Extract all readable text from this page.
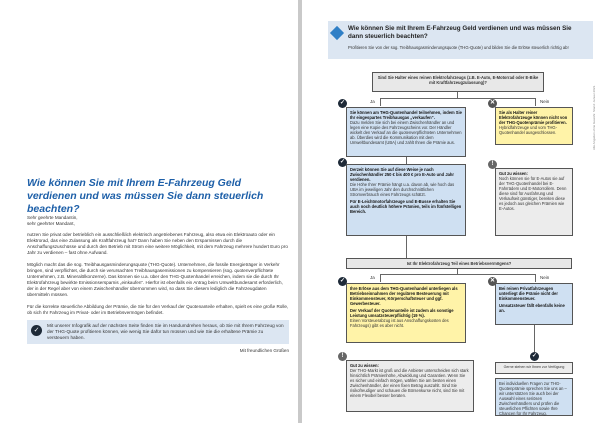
Wie können Sie mit Ihrem E-Fahrzeug Geld verdienen und was müssen Sie dann steuerlich beachten?

Sehr geehrte Mandantin,

sehr geehrter Mandant,

nutzen Sie privat oder betrieblich ein ausschließlich elektrisch angetriebenes Fahrzeug, also etwa ein Elektroauto oder ein Elektrorad, das eine Zulassung als Kraftfahrzeug hat? Dann haben Sie neben den Ersparnissen durch die Anschaffungszuschüsse und durch den Betrieb mit Strom eine weitere Möglichkeit, mit dem Fahrzeug mehrere hundert Euro pro Jahr zu verdienen – fast ohne Aufwand.

Möglich macht das die sog. Treibhausgasminderungsquote (THG-Quote). Unternehmen, die fossile Energieträger in Verkehr bringen, sind verpflichtet, die durch sie verursachten Treibhausgasemissionen zu kompensieren (sog. quotenverpflichtete Unternehmen, z.B. Mineralölkonzerne). Das können sie u.a. über den THG-Quotenhandel erreichen, indem sie die durch Ihr Elektrofahrzeug bewirkte Emissionsersparnis „einkaufen“. Hierfür ist ebenfalls ein Antrag beim Umweltbundesamt erforderlich, der in der Regel aber von einem Zwischenhändler übernommen wird, so dass Sie diesem lediglich die Fahrzeugdaten übermitteln müssen.

Für die korrekte steuerliche Abbildung der Prämie, die Sie für den Verkauf der Quotenanteile erhalten, spielt es eine große Rolle, ob sich Ihr Fahrzeug im Privat- oder im Betriebsvermögen befindet.

✓
Mit unserer Infografik auf der nächsten Seite finden Sie im Handumdrehen heraus, ob Sie mit Ihrem Fahrzeug von der THG-Quote profitieren können, wie wenig Sie dafür tun müssen und wie Sie die erhaltene Prämie zu versteuern haben.
Mit freundlichen Grüßen
Wie können Sie mit Ihrem E-Fahrzeug Geld verdienen und was müssen Sie dann steuerlich beachten?
Profitieren Sie von der sog. Treibhausgasminderungsquote (THG-Quote) und bilden Sie die Erlöse steuerlich richtig ab!
Sind Sie Halter eines reinen Elektrofahrzeugs (z.B. E-Auto, E-Motorrad oder E-Bike mit Kraftfahrzeugzulassung)?
Ja	Nein
✓
Sie können am THG-Quotenhandel teilnehmen, indem Sie Ihr eingespartes Treibhausgas „verkaufen“.
Dazu melden Sie sich bei einem Zwischenhändler an und legen eine Kopie des Fahrzeugscheins vor. Der Händler wickelt den Verkauf an die quotenverpflichteten Unternehmen ab. Überdies wird die Kommunikation mit dem Umweltbundesamt (UBA) und zahlt Ihnen die Prämie aus.
✕
Sie als Halter reiner Elektrofahrzeuge können nicht von der THG-Quotenprämie profitieren.
Hybridfahrzeuge und vom THG-Quotenhandel ausgeschlossen.
✓
Derzeit können Sie auf diese Weise je nach Zwischenhändler 250 € bis 400 € pro E-Auto und Jahr verdienen.
Die Höhe Ihrer Prämie hängt u.a. davon ab, wie hoch das UBA im jeweiligen Jahr den durchschnittlichen Stromverbrauch eines Fahrzeugs schätzt.
Für E-Leichtmotorfahrzeuge und E-Busse erhalten Sie auch noch deutlich höhere Prämien, teils im fünfstelligen Bereich.
!
Gut zu wissen:
Noch können sie für E-Autos sie auf der THG-Quotenhandel bei E-Fahrrädern und E-Motorrollern. Denn diese sind für Ausfahrung und Verkaufseit günstiger, bereiten diese es jedoch aus gleichen Prämien wie E-Autos.
Ist Ihr Elektrofahrzeug Teil eines Betriebsvermögens?
Ja	Nein
✓
Ihre Erlöse aus dem THG-Quotenhandel unterliegen als Betriebseinnahmen der regulären Besteuerung mit Einkommensteuer, Körperschaftsteuer und ggf. Gewerbesteuer.
Der Verkauf der Quotenanteile ist zudem als sonstige Leistung umsatzsteuerpflichtig (19 %).
Einen Vorsteuerabzug ist aus Anschaffungskosten des Fahrzeugs) gibt es aber nicht.
✕
Bei reinen Privatfahrzeugen unterliegt die Prämie nicht der Einkommensteuer.
Umsatzsteuer fällt ebenfalls keine an.
!
Gut zu wissen:
Der THG-Markt ist groß und die Anbieter unterscheiden sich stark hinsichtlich Prämienhöhe, Abwicklung und Garantien. Wenn Sie es sicher und einfach mögen, wählen Sie am besten einen Zwischenhändler, der einen fixen Betrag auszahlt. Sind Sie risikofreudiger und schauen die Börsenkurse nicht, sind Sie mit einem Flexibel besser beraten.
✓
Gerne stehen wir Ihnen zur Verfügung
Bei individuellen Fragen zur THG-Quotenprämie sprechen Sie uns an – wir unterstützen Sie auch bei der Auswahl eines seriösen Zwischenhändlers und prüfen die steuerlichen Pflichten sowie Ihre Chancen für Ihr Fahrzeug.
Alle Angaben ohne Gewähr. Stand: Januar 2023.
